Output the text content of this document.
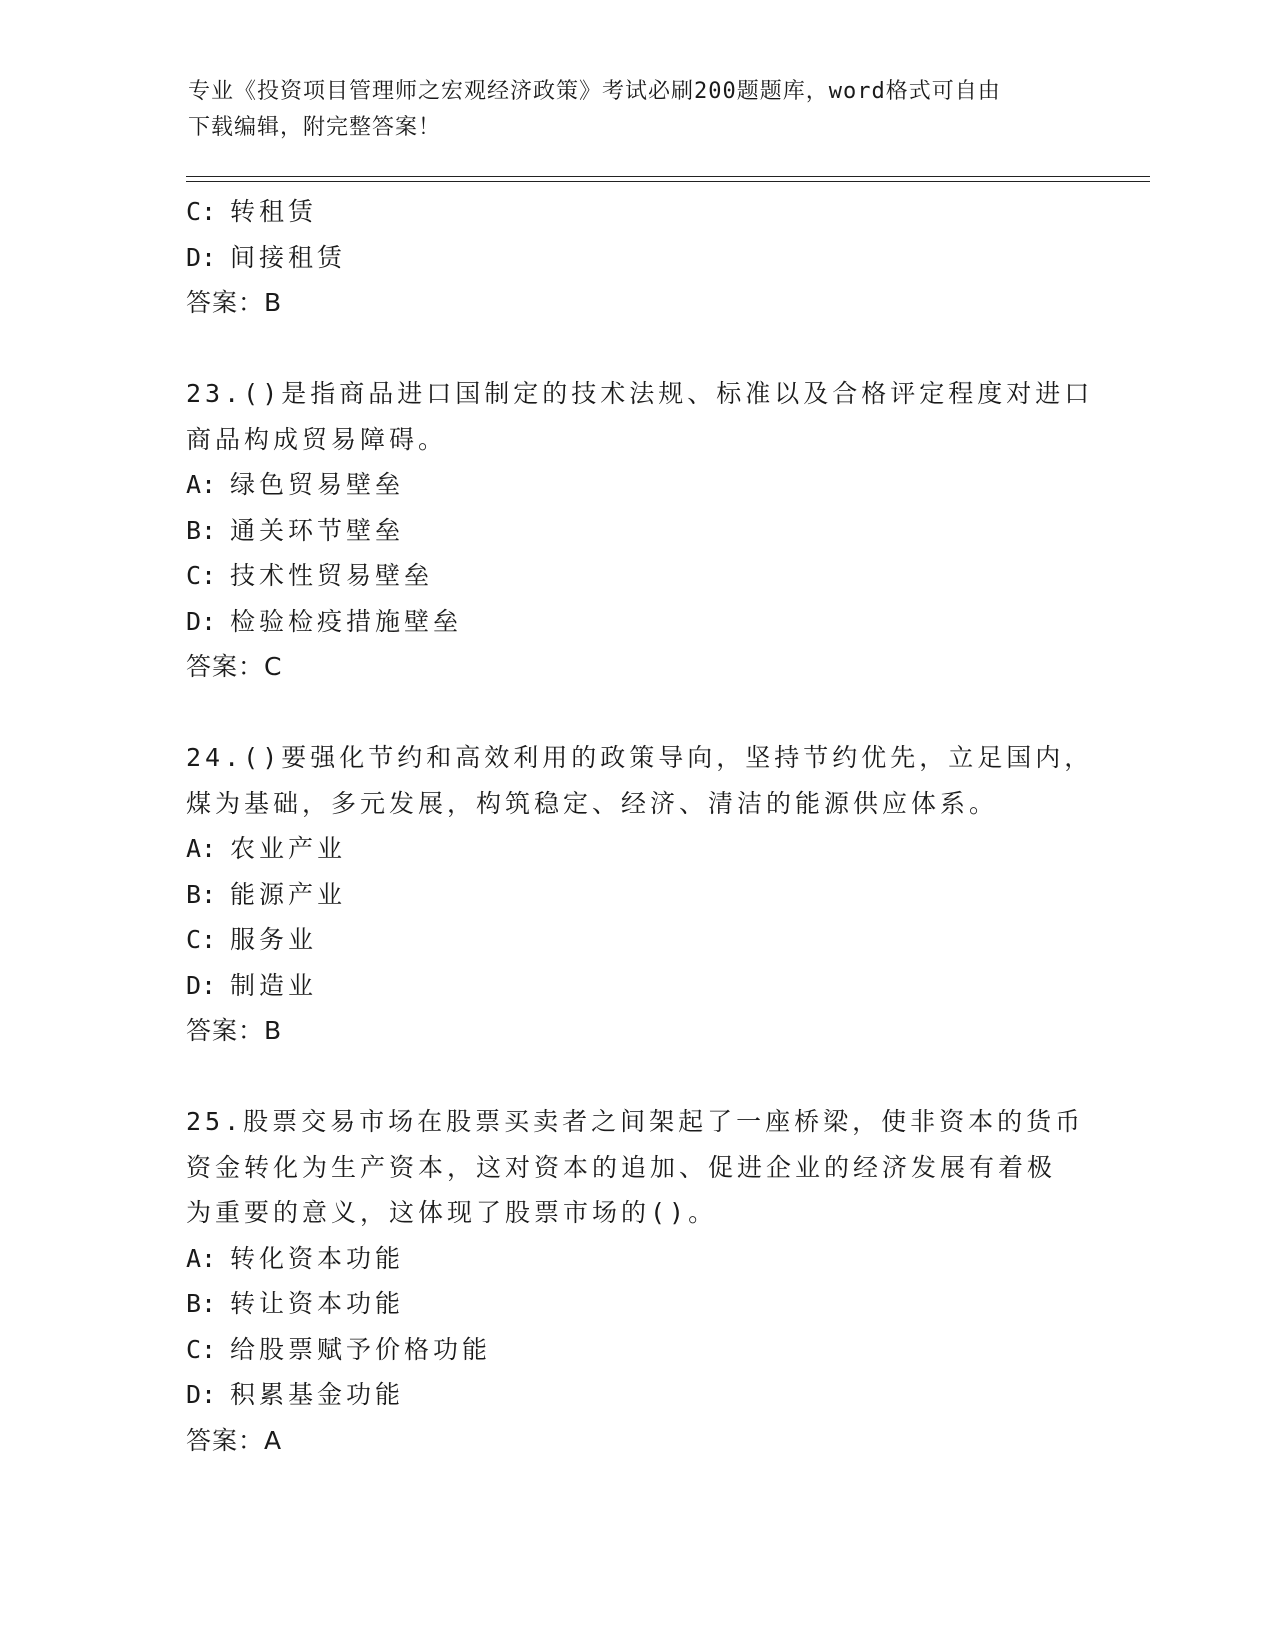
专业《投资项目管理师之宏观经济政策》考试必刷200题题库，word格式可自由
下载编辑，附完整答案！
C: 转租赁
D: 间接租赁
答案：B
23.()是指商品进口国制定的技术法规、标准以及合格评定程度对进口
商品构成贸易障碍。
A: 绿色贸易壁垒
B: 通关环节壁垒
C: 技术性贸易壁垒
D: 检验检疫措施壁垒
答案：C
24.()要强化节约和高效利用的政策导向，坚持节约优先，立足国内，
煤为基础，多元发展，构筑稳定、经济、清洁的能源供应体系。
A: 农业产业
B: 能源产业
C: 服务业
D: 制造业
答案：B
25.股票交易市场在股票买卖者之间架起了一座桥梁，使非资本的货币
资金转化为生产资本，这对资本的追加、促进企业的经济发展有着极
为重要的意义，这体现了股票市场的()。
A: 转化资本功能
B: 转让资本功能
C: 给股票赋予价格功能
D: 积累基金功能
答案：A
